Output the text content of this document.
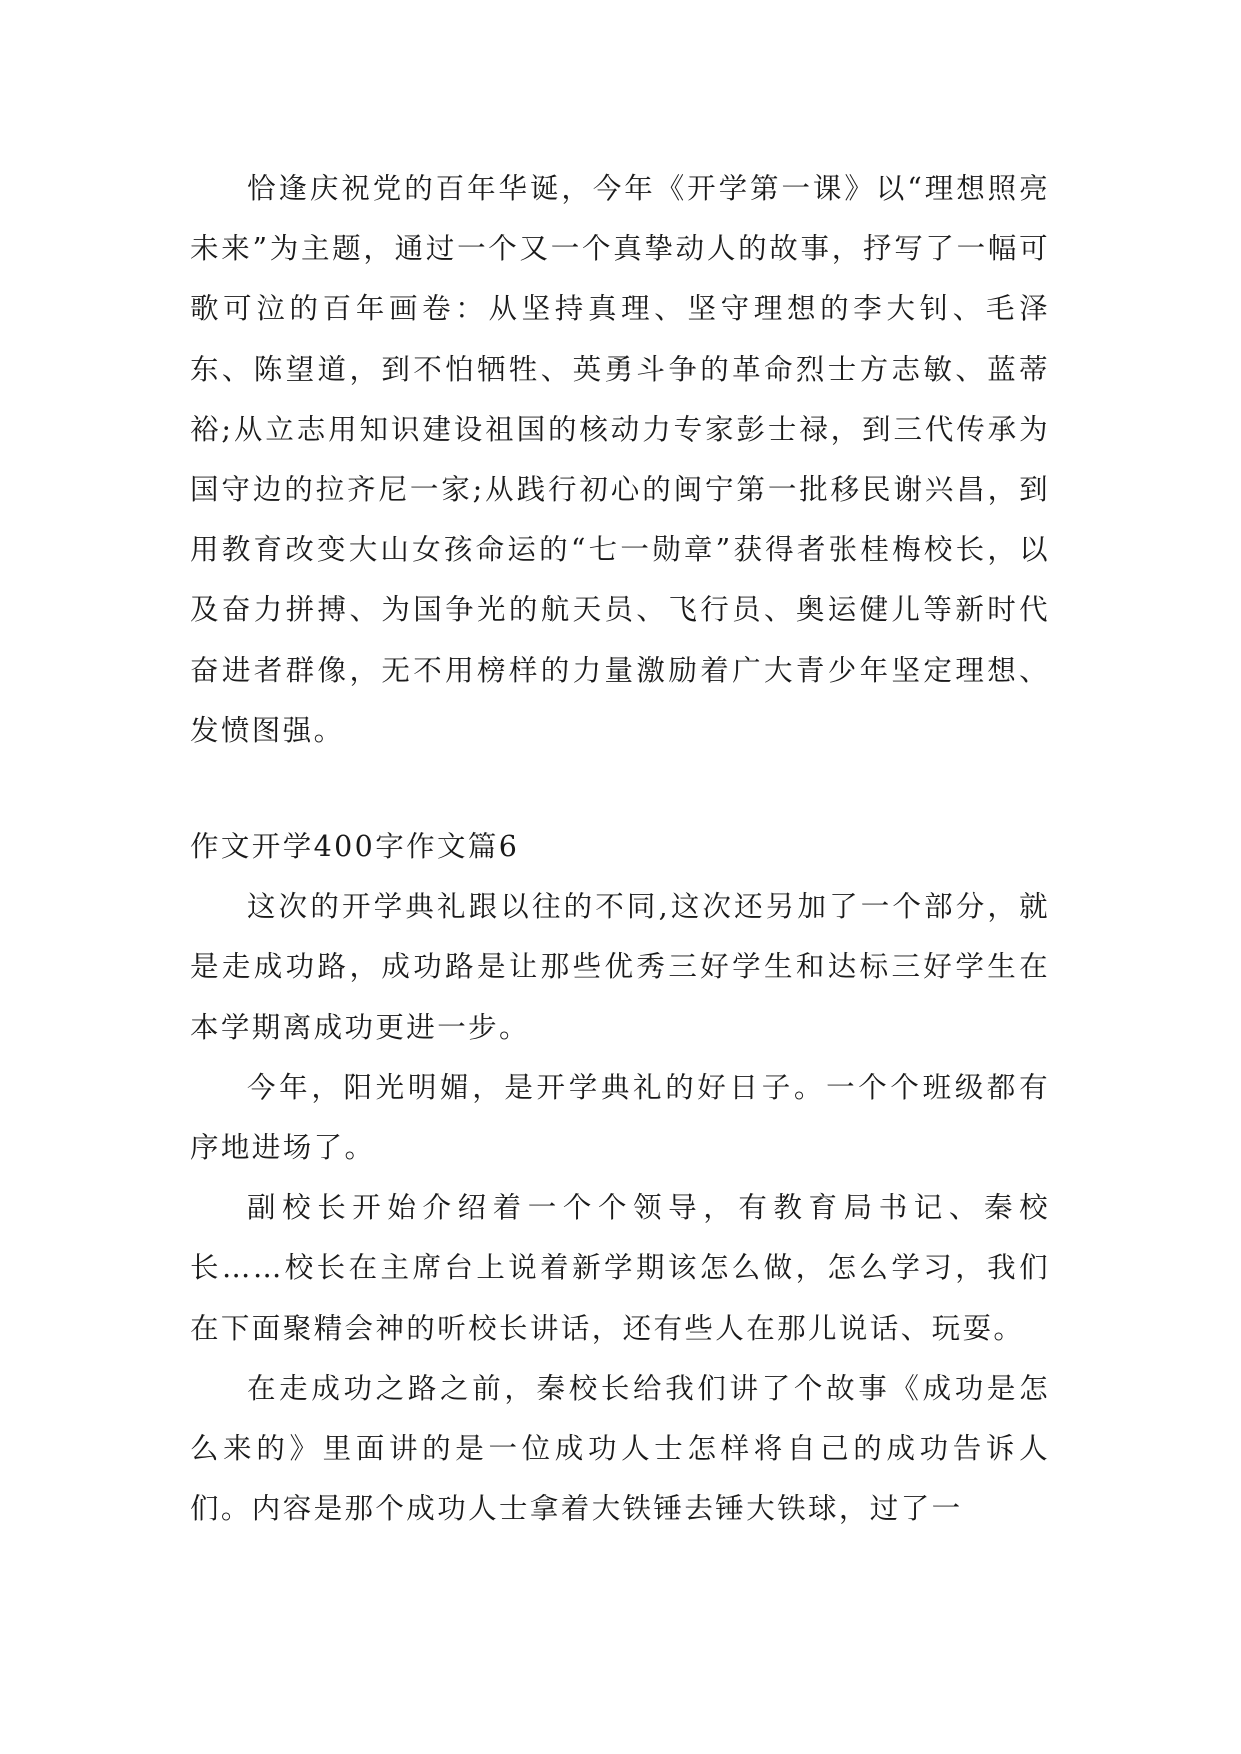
恰逢庆祝党的百年华诞，今年《开学第一课》以“理想照亮未来”为主题，通过一个又一个真挚动人的故事，抒写了一幅可歌可泣的百年画卷：从坚持真理、坚守理想的李大钊、毛泽东、陈望道，到不怕牺牲、英勇斗争的革命烈士方志敏、蓝蒂裕;从立志用知识建设祖国的核动力专家彭士禄，到三代传承为国守边的拉齐尼一家;从践行初心的闽宁第一批移民谢兴昌，到用教育改变大山女孩命运的“七一勋章”获得者张桂梅校长，以及奋力拼搏、为国争光的航天员、飞行员、奥运健儿等新时代奋进者群像，无不用榜样的力量激励着广大青少年坚定理想、发愤图强。

作文开学400字作文篇6

这次的开学典礼跟以往的不同,这次还另加了一个部分，就是走成功路，成功路是让那些优秀三好学生和达标三好学生在本学期离成功更进一步。

今年，阳光明媚，是开学典礼的好日子。一个个班级都有序地进场了。

副校长开始介绍着一个个领导，有教育局书记、秦校长……校长在主席台上说着新学期该怎么做，怎么学习，我们在下面聚精会神的听校长讲话，还有些人在那儿说话、玩耍。

在走成功之路之前，秦校长给我们讲了个故事《成功是怎么来的》里面讲的是一位成功人士怎样将自己的成功告诉人们。内容是那个成功人士拿着大铁锤去锤大铁球，过了一
